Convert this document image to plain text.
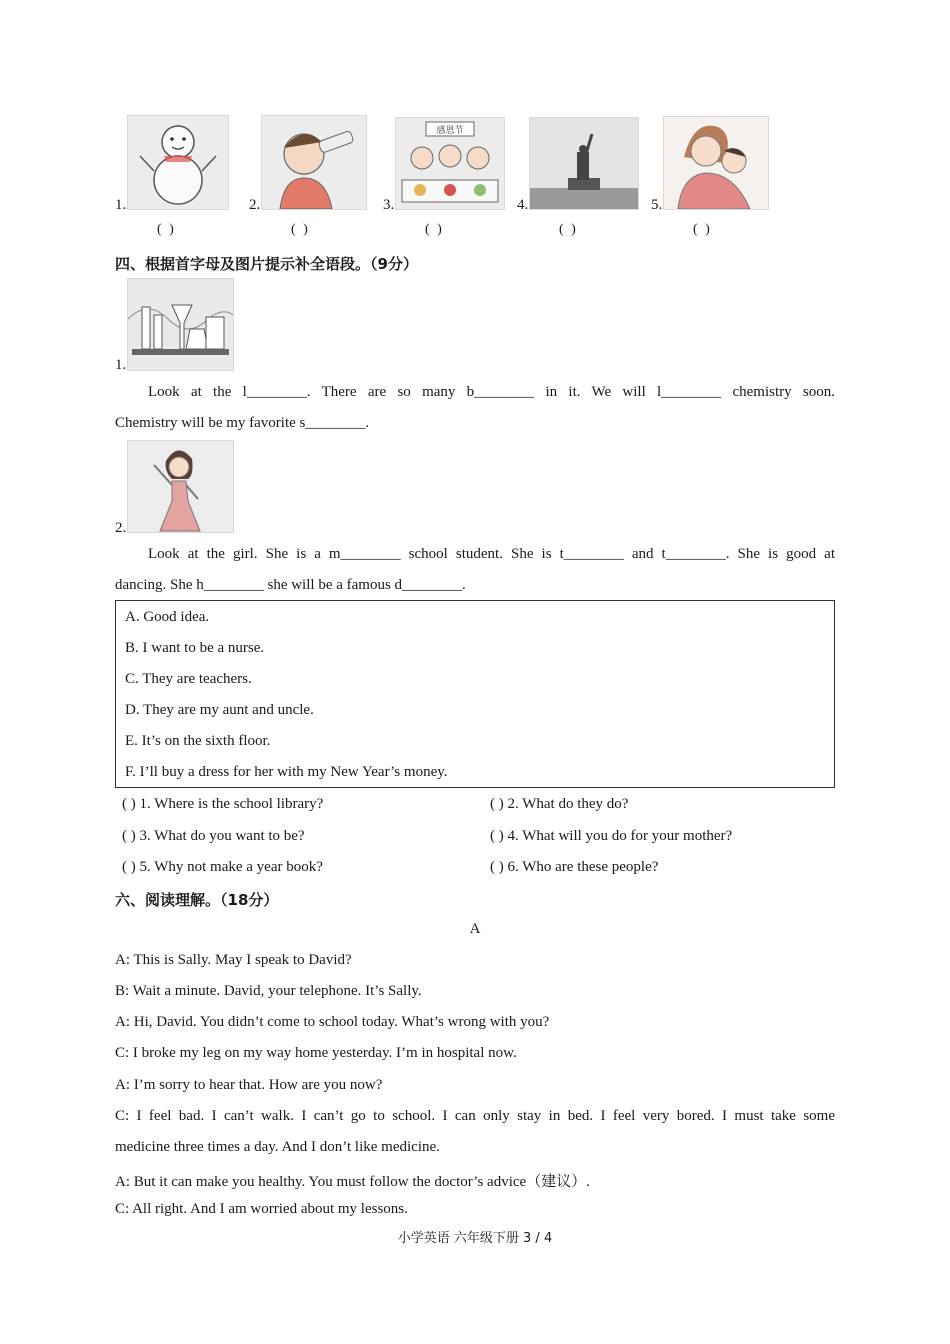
1.
( )
2.
( )
3.
感恩节
( )
4.
( )
5.
( )
四、根据首字母及图片提示补全语段。（9分）
1.
Look at the l________. There are so many b________ in it. We will l________ chemistry soon.
Chemistry will be my favorite s________.
2.
Look at the girl. She is a m________ school student. She is t________ and t________. She is good at
dancing. She h________ she will be a famous d________.
A. Good idea.
B. I want to be a nurse.
C. They are teachers.
D. They are my aunt and uncle.
E. It’s on the sixth floor.
F. I’ll buy a dress for her with my New Year’s money.
( ) 1. Where is the school library?	( ) 2. What do they do?
( ) 3. What do you want to be?	( ) 4. What will you do for your mother?
( ) 5. Why not make a year book?	( ) 6. Who are these people?
六、阅读理解。（18分）
A
A: This is Sally. May I speak to David?
B: Wait a minute. David, your telephone. It’s Sally.
A: Hi, David. You didn’t come to school today. What’s wrong with you?
C: I broke my leg on my way home yesterday. I’m in hospital now.
A: I’m sorry to hear that. How are you now?
C: I feel bad. I can’t walk. I can’t go to school. I can only stay in bed. I feel very bored. I must take some
medicine three times a day. And I don’t like medicine.
A: But it can make you healthy. You must follow the doctor’s advice（建议）.
C: All right. And I am worried about my lessons.
小学英语 六年级下册 3 / 4
